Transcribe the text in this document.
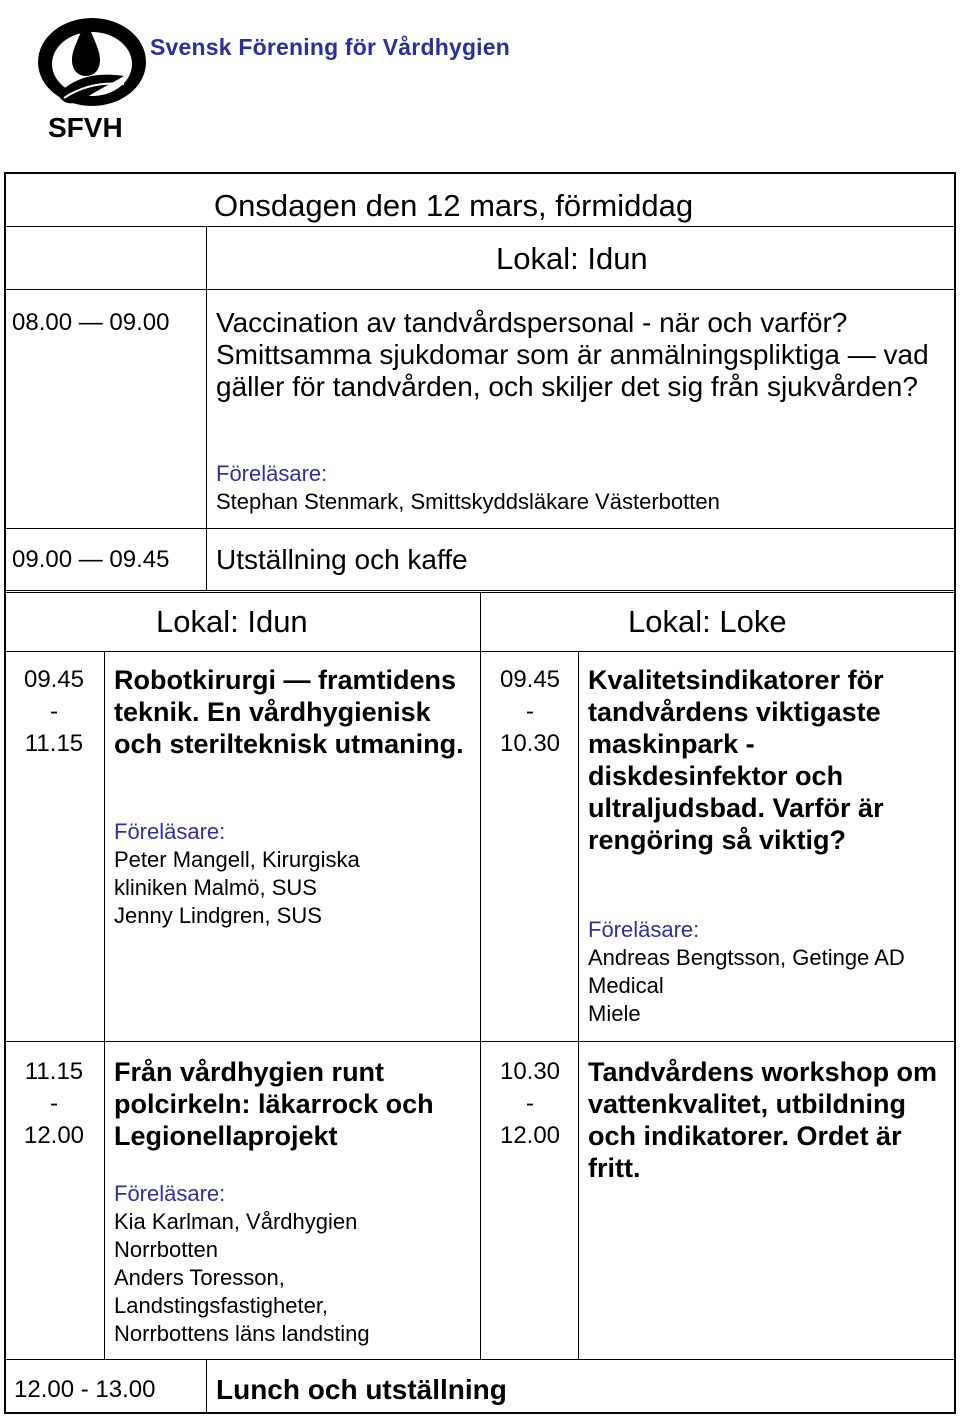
SFVH
Svensk Förening för Vårdhygien
Onsdagen den 12 mars, förmiddag
Lokal: Idun
08.00 — 09.00 Vaccination av tandvårdspersonal - när och varför? Smittsamma sjukdomar som är anmälningspliktiga — vad gäller för tandvården, och skiljer det sig från sjukvården?
Föreläsare:
Stephan Stenmark, Smittskyddsläkare Västerbotten
09.00 — 09.45 Utställning och kaffe
Lokal: Idun	Lokal: Loke
09.45
-
11.15
Robotkirurgi — framtidens teknik. En vårdhygienisk och sterilteknisk utmaning.
Föreläsare:
Peter Mangell, Kirurgiska kliniken Malmö, SUS
Jenny Lindgren, SUS
11.15
-
12.00
Från vårdhygien runt polcirkeln: läkarrock och Legionellaprojekt
Föreläsare:
Kia Karlman, Vårdhygien Norrbotten
Anders Toresson, Landstingsfastigheter, Norrbottens läns landsting
09.45
-
10.30
Kvalitetsindikatorer för tandvårdens viktigaste maskinpark - diskdesinfektor och ultraljudsbad. Varför är rengöring så viktig?
Föreläsare:
Andreas Bengtsson, Getinge AD Medical
Miele
10.30
-
12.00
Tandvårdens workshop om vattenkvalitet, utbildning och indikatorer. Ordet är fritt.
12.00 - 13.00 Lunch och utställning
